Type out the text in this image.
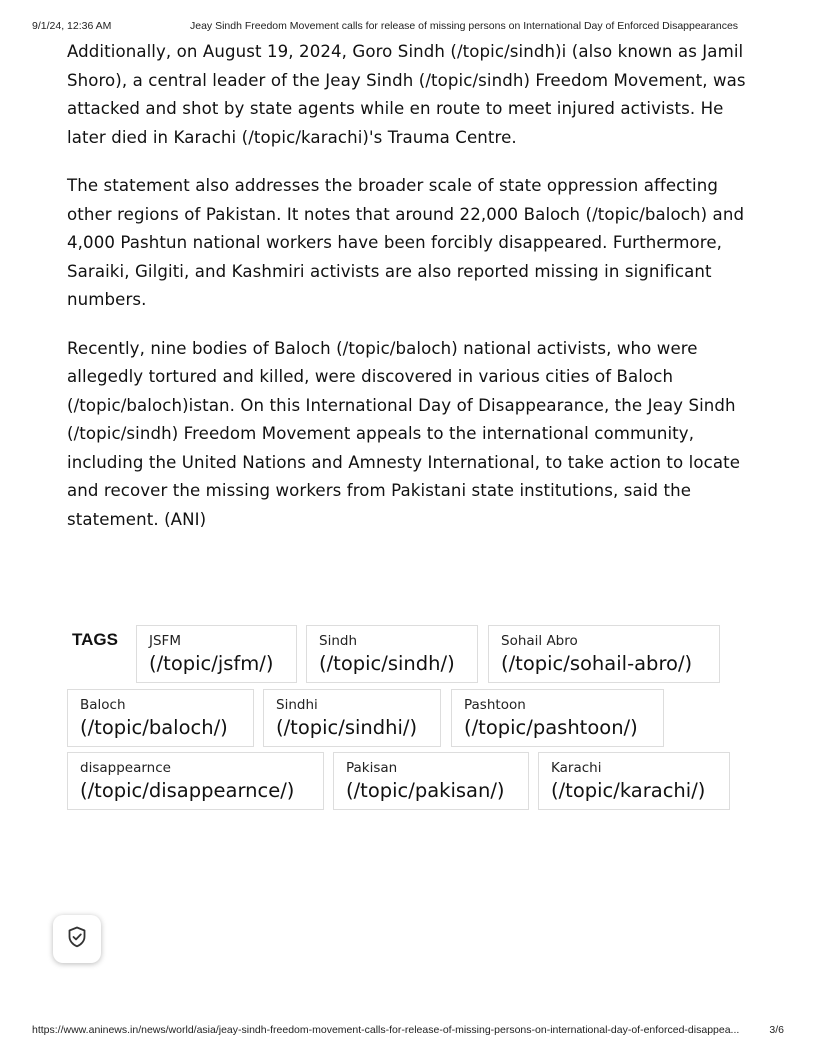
9/1/24, 12:36 AM	Jeay Sindh Freedom Movement calls for release of missing persons on International Day of Enforced Disappearances

Additionally, on August 19, 2024, Goro Sindh (/topic/sindh)i (also known as Jamil Shoro), a central leader of the Jeay Sindh (/topic/sindh) Freedom Movement, was attacked and shot by state agents while en route to meet injured activists. He later died in Karachi (/topic/karachi)'s Trauma Centre.

The statement also addresses the broader scale of state oppression affecting other regions of Pakistan. It notes that around 22,000 Baloch (/topic/baloch) and 4,000 Pashtun national workers have been forcibly disappeared. Furthermore, Saraiki, Gilgiti, and Kashmiri activists are also reported missing in significant numbers.

Recently, nine bodies of Baloch (/topic/baloch) national activists, who were allegedly tortured and killed, were discovered in various cities of Baloch (/topic/baloch)istan. On this International Day of Disappearance, the Jeay Sindh (/topic/sindh) Freedom Movement appeals to the international community, including the United Nations and Amnesty International, to take action to locate and recover the missing workers from Pakistani state institutions, said the statement. (ANI)

TAGS JSFM
(/topic/jsfm/)
Sindh
(/topic/sindh/)
Sohail Abro
(/topic/sohail-abro/)
Baloch
(/topic/baloch/)
Sindhi
(/topic/sindhi/)
Pashtoon
(/topic/pashtoon/)
disappearnce
(/topic/disappearnce/)
Pakisan
(/topic/pakisan/)
Karachi
(/topic/karachi/)
https://www.aninews.in/news/world/asia/jeay-sindh-freedom-movement-calls-for-release-of-missing-persons-on-international-day-of-enforced-disappea...	3/6
